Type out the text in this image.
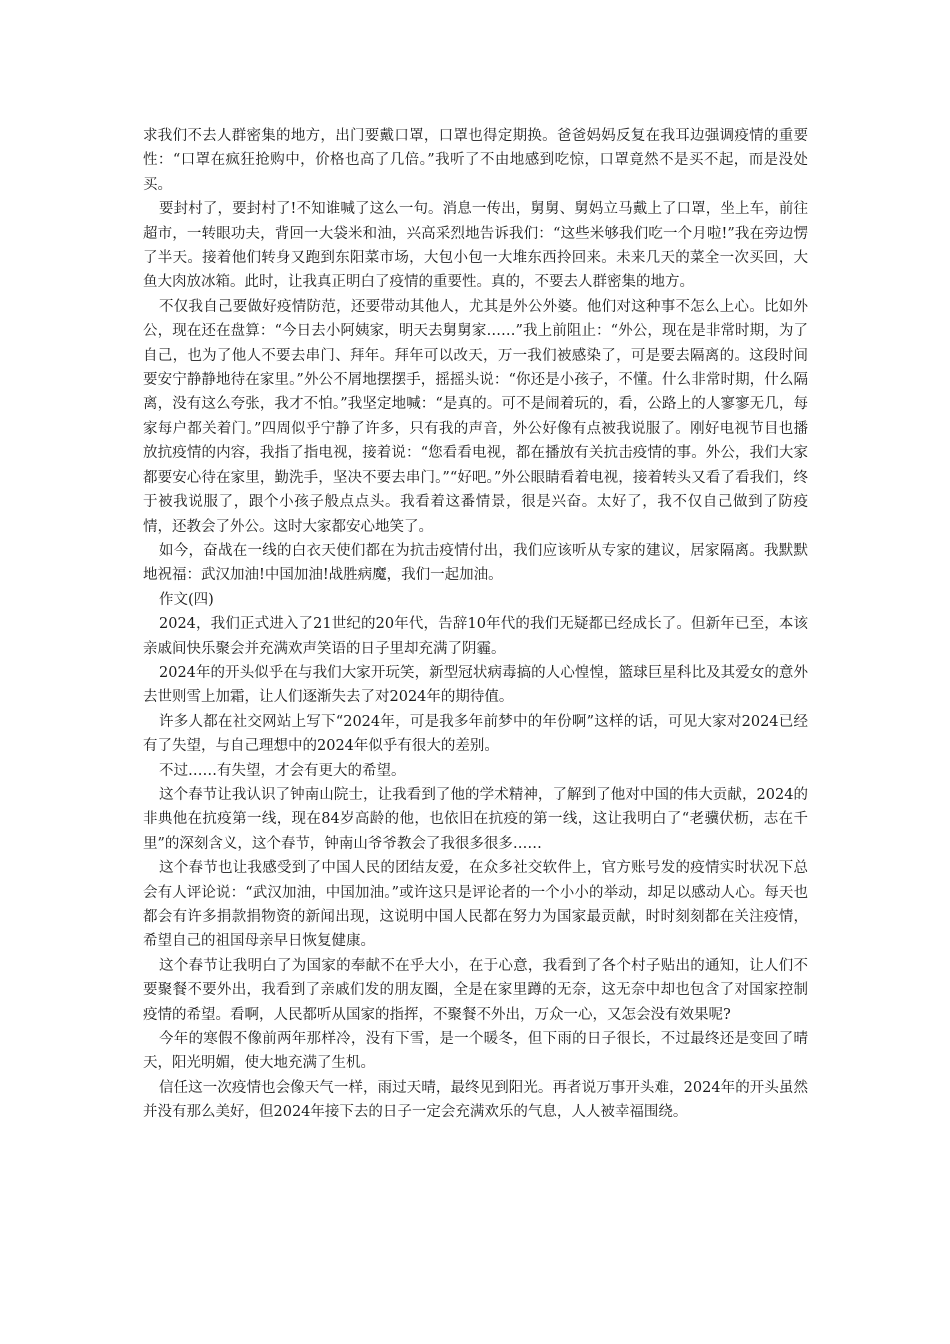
求我们不去人群密集的地方，出门要戴口罩，口罩也得定期换。爸爸妈妈反复在我耳边强调疫情的重要性：“口罩在疯狂抢购中，价格也高了几倍。”我听了不由地感到吃惊，口罩竟然不是买不起，而是没处买。

要封村了，要封村了!不知谁喊了这么一句。消息一传出，舅舅、舅妈立马戴上了口罩，坐上车，前往超市，一转眼功夫，背回一大袋米和油，兴高采烈地告诉我们：“这些米够我们吃一个月啦!”我在旁边愣了半天。接着他们转身又跑到东阳菜市场，大包小包一大堆东西拎回来。未来几天的菜全一次买回，大鱼大肉放冰箱。此时，让我真正明白了疫情的重要性。真的，不要去人群密集的地方。

不仅我自己要做好疫情防范，还要带动其他人，尤其是外公外婆。他们对这种事不怎么上心。比如外公，现在还在盘算：“今日去小阿姨家，明天去舅舅家……”我上前阻止：“外公，现在是非常时期，为了自己，也为了他人不要去串门、拜年。拜年可以改天，万一我们被感染了，可是要去隔离的。这段时间要安宁静静地待在家里。”外公不屑地摆摆手，摇摇头说：“你还是小孩子，不懂。什么非常时期，什么隔离，没有这么夸张，我才不怕。”我坚定地喊：“是真的。可不是闹着玩的，看，公路上的人寥寥无几，每家每户都关着门。”四周似乎宁静了许多，只有我的声音，外公好像有点被我说服了。刚好电视节目也播放抗疫情的内容，我指了指电视，接着说：“您看看电视，都在播放有关抗击疫情的事。外公，我们大家都要安心待在家里，勤洗手，坚决不要去串门。”“好吧。”外公眼睛看着电视，接着转头又看了看我们，终于被我说服了，跟个小孩子般点点头。我看着这番情景，很是兴奋。太好了，我不仅自己做到了防疫情，还教会了外公。这时大家都安心地笑了。

如今，奋战在一线的白衣天使们都在为抗击疫情付出，我们应该听从专家的建议，居家隔离。我默默地祝福：武汉加油!中国加油!战胜病魔，我们一起加油。

作文(四)

2024，我们正式进入了21世纪的20年代，告辞10年代的我们无疑都已经成长了。但新年已至，本该亲戚间快乐聚会并充满欢声笑语的日子里却充满了阴霾。

2024年的开头似乎在与我们大家开玩笑，新型冠状病毒搞的人心惶惶，篮球巨星科比及其爱女的意外去世则雪上加霜，让人们逐渐失去了对2024年的期待值。

许多人都在社交网站上写下“2024年，可是我多年前梦中的年份啊”这样的话，可见大家对2024已经有了失望，与自己理想中的2024年似乎有很大的差别。

不过……有失望，才会有更大的希望。

这个春节让我认识了钟南山院士，让我看到了他的学术精神，了解到了他对中国的伟大贡献，2024的非典他在抗疫第一线，现在84岁高龄的他，也依旧在抗疫的第一线，这让我明白了“老骥伏枥，志在千里”的深刻含义，这个春节，钟南山爷爷教会了我很多很多……

这个春节也让我感受到了中国人民的团结友爱，在众多社交软件上，官方账号发的疫情实时状况下总会有人评论说：“武汉加油，中国加油。”或许这只是评论者的一个小小的举动，却足以感动人心。每天也都会有许多捐款捐物资的新闻出现，这说明中国人民都在努力为国家最贡献，时时刻刻都在关注疫情，希望自己的祖国母亲早日恢复健康。

这个春节让我明白了为国家的奉献不在乎大小，在于心意，我看到了各个村子贴出的通知，让人们不要聚餐不要外出，我看到了亲戚们发的朋友圈，全是在家里蹲的无奈，这无奈中却也包含了对国家控制疫情的希望。看啊，人民都听从国家的指挥，不聚餐不外出，万众一心，又怎会没有效果呢?

今年的寒假不像前两年那样冷，没有下雪，是一个暖冬，但下雨的日子很长，不过最终还是变回了晴天，阳光明媚，使大地充满了生机。

信任这一次疫情也会像天气一样，雨过天晴，最终见到阳光。再者说万事开头难，2024年的开头虽然并没有那么美好，但2024年接下去的日子一定会充满欢乐的气息，人人被幸福围绕。
